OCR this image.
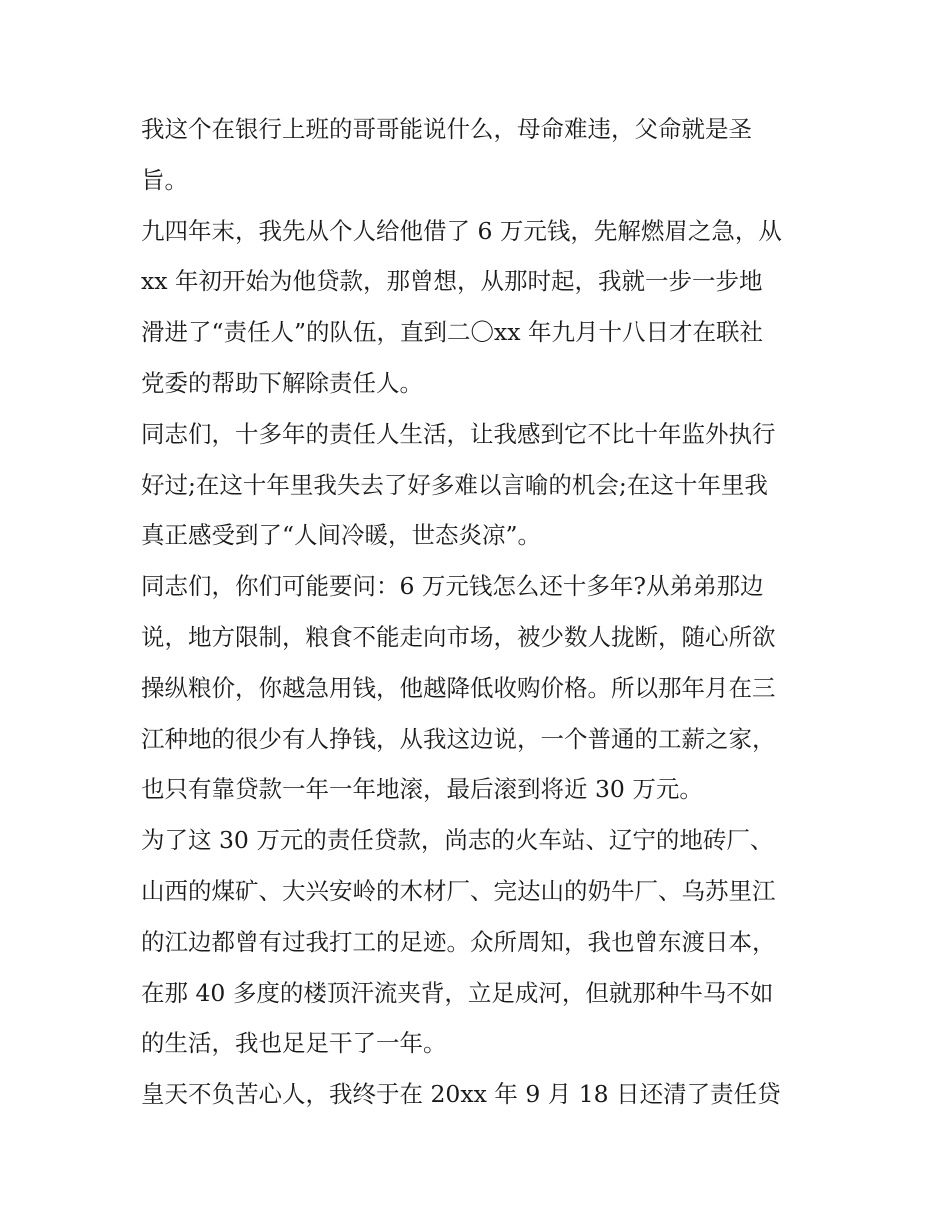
我这个在银行上班的哥哥能说什么，母命难违，父命就是圣
旨。
九四年末，我先从个人给他借了 6 万元钱，先解燃眉之急，从
xx 年初开始为他贷款，那曾想，从那时起，我就一步一步地
滑进了“责任人”的队伍，直到二〇xx 年九月十八日才在联社
党委的帮助下解除责任人。
同志们，十多年的责任人生活，让我感到它不比十年监外执行
好过;在这十年里我失去了好多难以言喻的机会;在这十年里我
真正感受到了“人间冷暖，世态炎凉”。
同志们，你们可能要问：6 万元钱怎么还十多年?从弟弟那边
说，地方限制，粮食不能走向市场，被少数人拢断，随心所欲
操纵粮价，你越急用钱，他越降低收购价格。所以那年月在三
江种地的很少有人挣钱，从我这边说，一个普通的工薪之家，
也只有靠贷款一年一年地滚，最后滚到将近 30 万元。
为了这 30 万元的责任贷款，尚志的火车站、辽宁的地砖厂、
山西的煤矿、大兴安岭的木材厂、完达山的奶牛厂、乌苏里江
的江边都曾有过我打工的足迹。众所周知，我也曾东渡日本，
在那 40 多度的楼顶汗流夹背，立足成河，但就那种牛马不如
的生活，我也足足干了一年。
皇天不负苦心人，我终于在 20xx 年 9 月 18 日还清了责任贷
